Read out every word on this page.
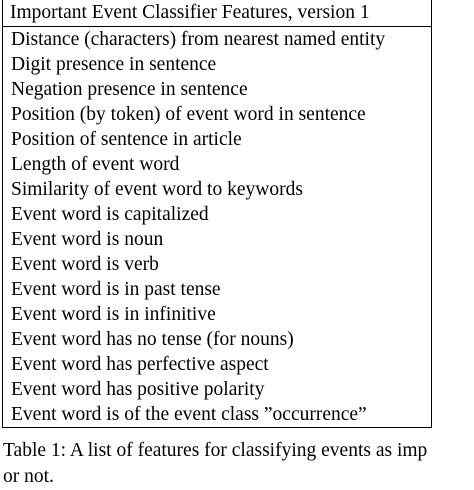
Important Event Classifier Features, version 1
Distance (characters) from nearest named entity
Digit presence in sentence
Negation presence in sentence
Position (by token) of event word in sentence
Position of sentence in article
Length of event word
Similarity of event word to keywords
Event word is capitalized
Event word is noun
Event word is verb
Event word is in past tense
Event word is in infinitive
Event word has no tense (for nouns)
Event word has perfective aspect
Event word has positive polarity
Event word is of the event class ”occurrence”
Table 1: A list of features for classifying events as imp
or not.
